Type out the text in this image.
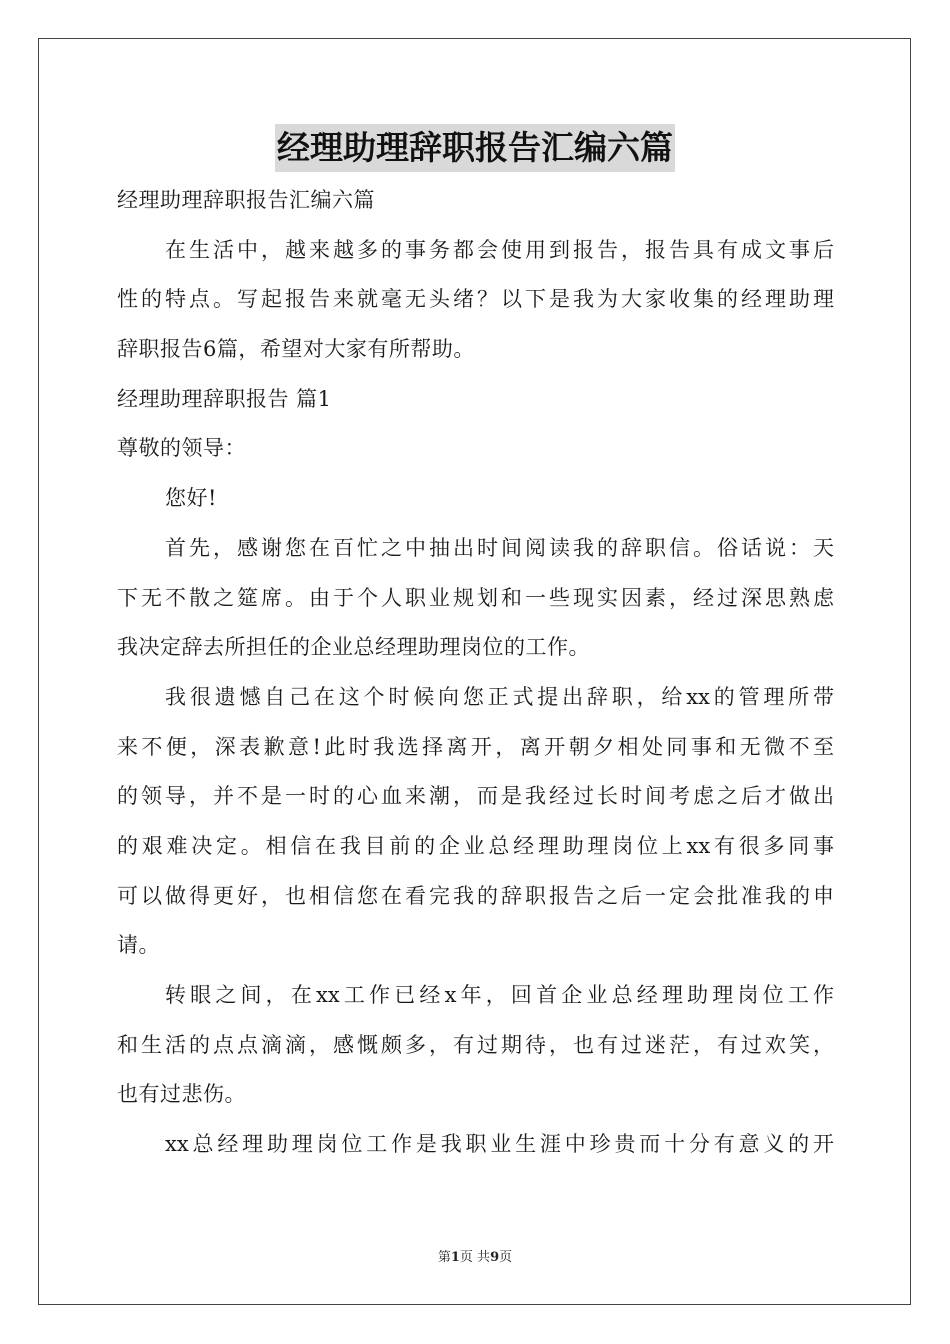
经理助理辞职报告汇编六篇
经理助理辞职报告汇编六篇
在生活中，越来越多的事务都会使用到报告，报告具有成文事后
性的特点。写起报告来就毫无头绪？以下是我为大家收集的经理助理
辞职报告6篇，希望对大家有所帮助。
经理助理辞职报告 篇1
尊敬的领导：
您好!
首先，感谢您在百忙之中抽出时间阅读我的辞职信。俗话说：天
下无不散之筵席。由于个人职业规划和一些现实因素，经过深思熟虑
我决定辞去所担任的企业总经理助理岗位的工作。
我很遗憾自己在这个时候向您正式提出辞职，给xx的管理所带
来不便，深表歉意!此时我选择离开，离开朝夕相处同事和无微不至
的领导，并不是一时的心血来潮，而是我经过长时间考虑之后才做出
的艰难决定。相信在我目前的企业总经理助理岗位上xx有很多同事
可以做得更好，也相信您在看完我的辞职报告之后一定会批准我的申
请。
转眼之间，在xx工作已经x年，回首企业总经理助理岗位工作
和生活的点点滴滴，感慨颇多，有过期待，也有过迷茫，有过欢笑，
也有过悲伤。
xx总经理助理岗位工作是我职业生涯中珍贵而十分有意义的开
第1页 共9页
